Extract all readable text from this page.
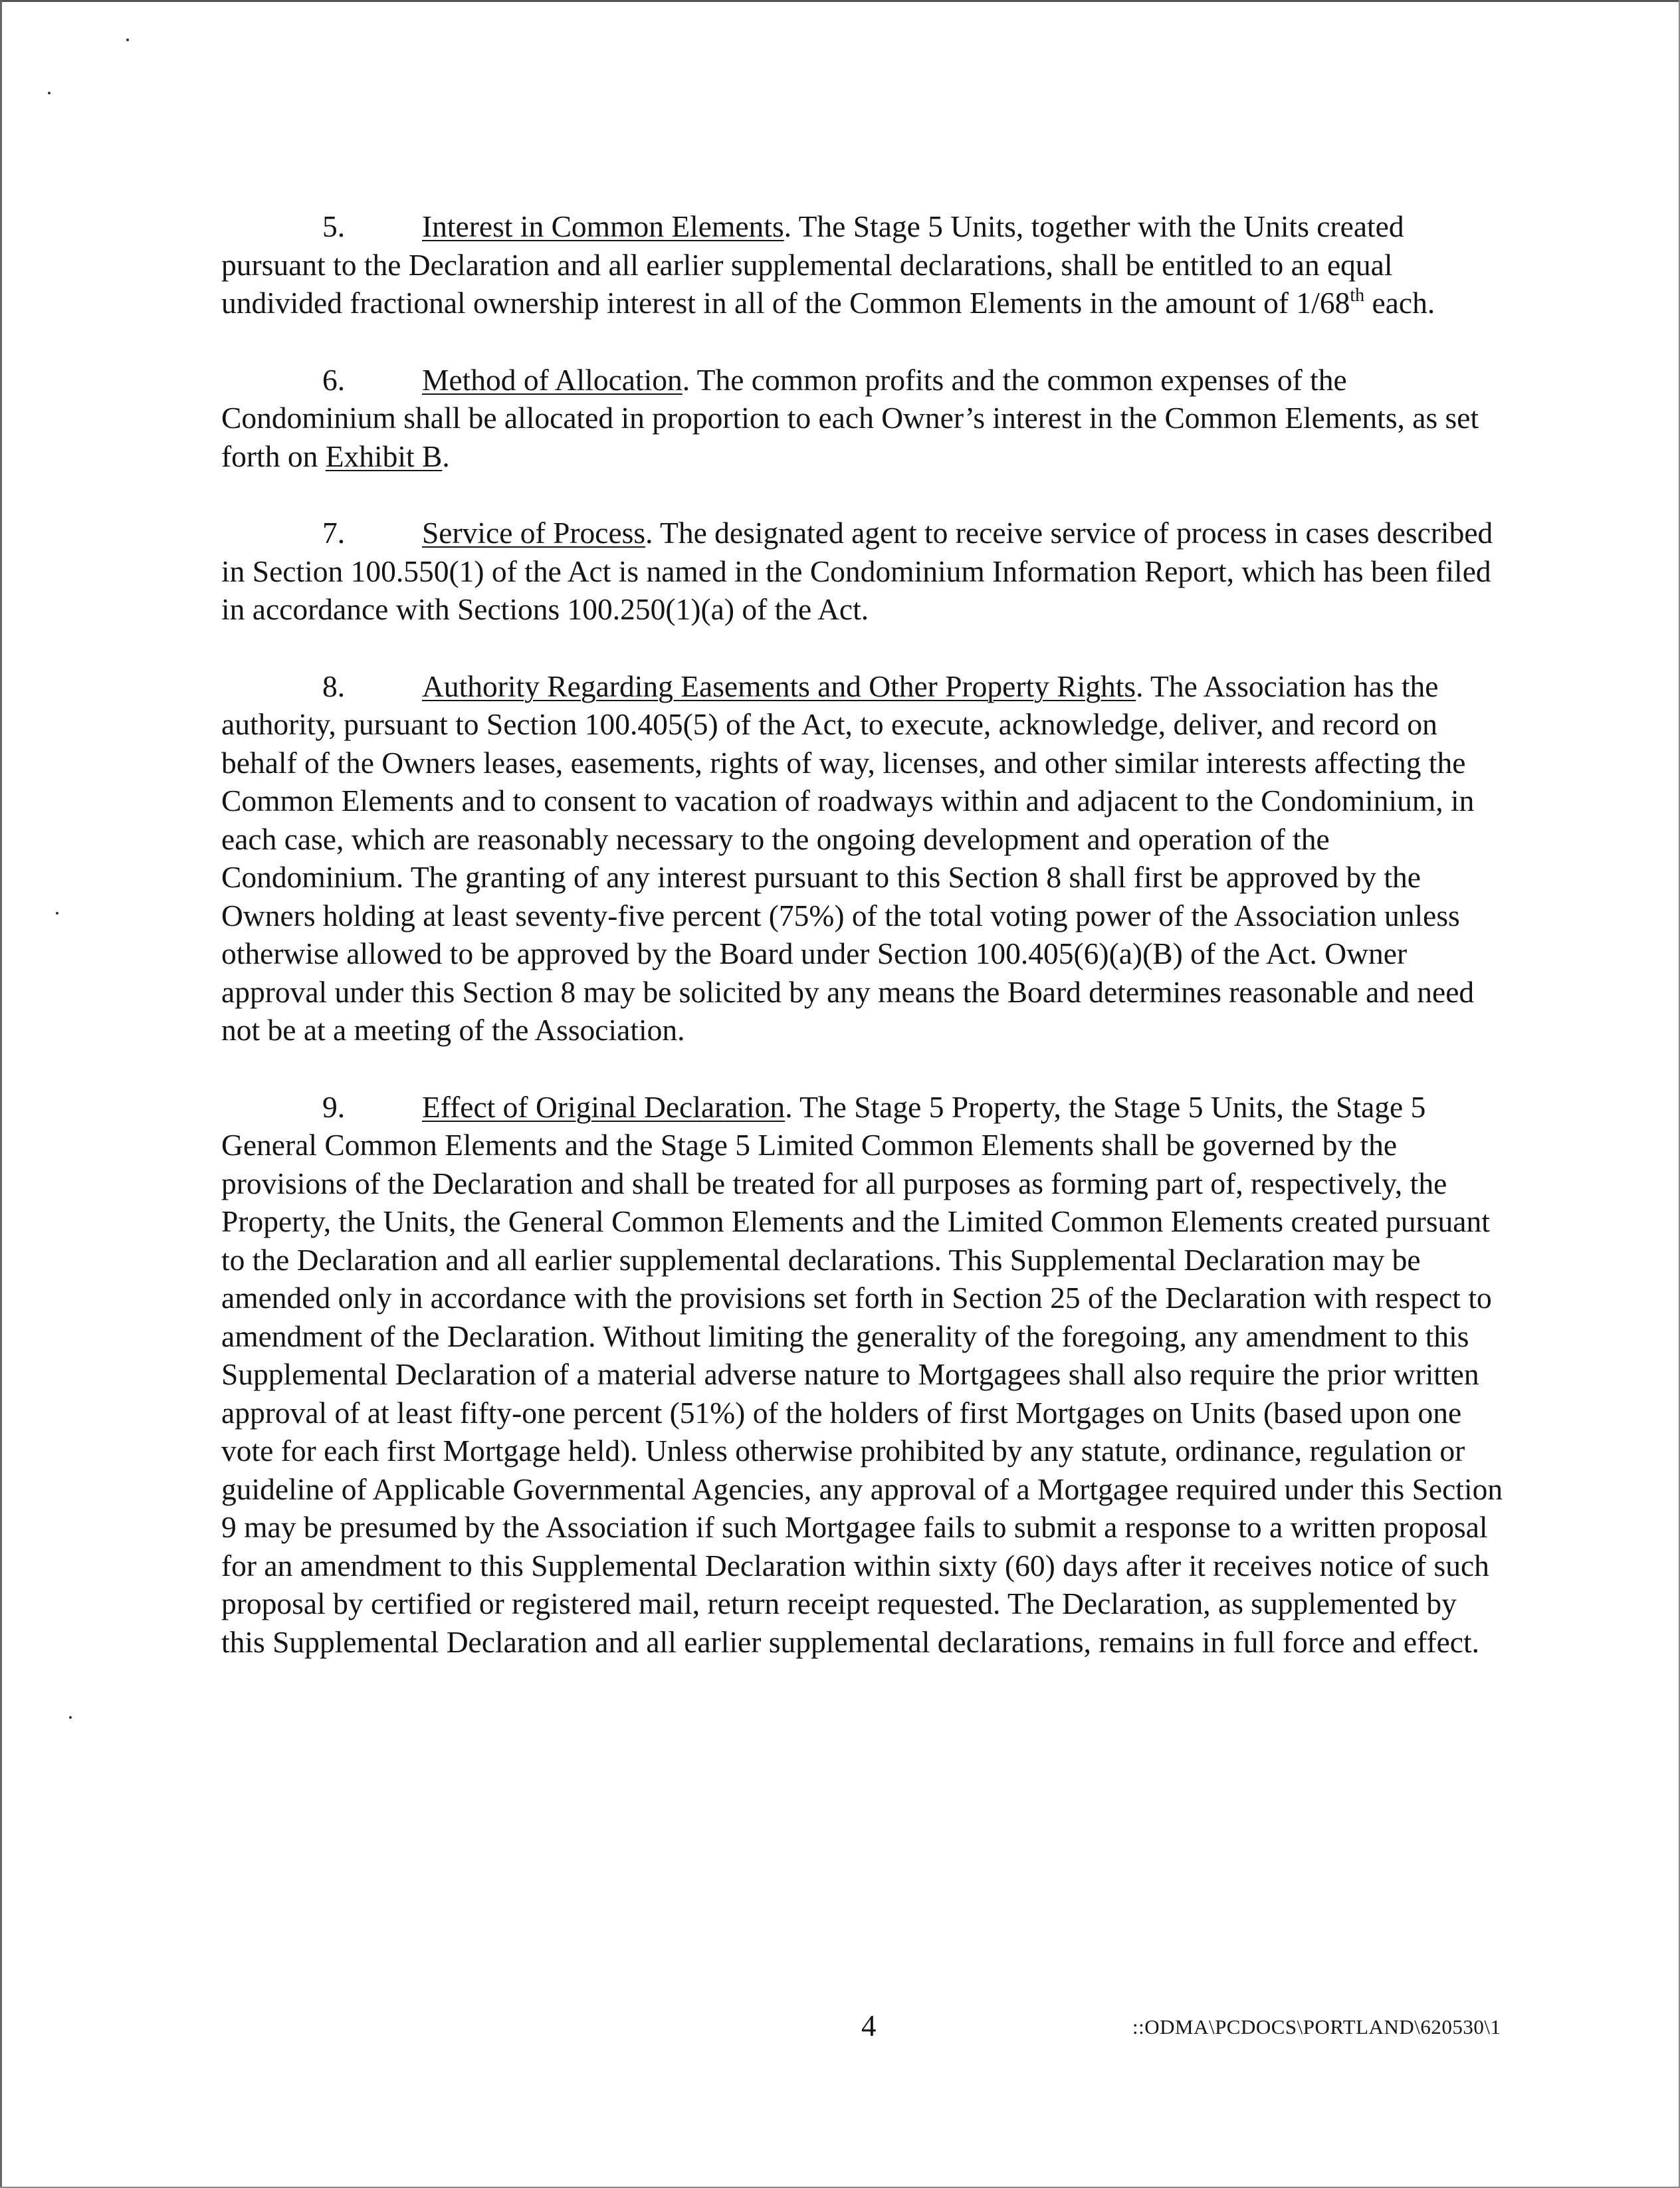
5.	Interest in Common Elements. The Stage 5 Units, together with the Units created pursuant to the Declaration and all earlier supplemental declarations, shall be entitled to an equal undivided fractional ownership interest in all of the Common Elements in the amount of 1/68th each.

6.	Method of Allocation. The common profits and the common expenses of the Condominium shall be allocated in proportion to each Owner’s interest in the Common Elements, as set forth on Exhibit B.

7.	Service of Process. The designated agent to receive service of process in cases described in Section 100.550(1) of the Act is named in the Condominium Information Report, which has been filed in accordance with Sections 100.250(1)(a) of the Act.

8.	Authority Regarding Easements and Other Property Rights. The Association has the authority, pursuant to Section 100.405(5) of the Act, to execute, acknowledge, deliver, and record on behalf of the Owners leases, easements, rights of way, licenses, and other similar interests affecting the Common Elements and to consent to vacation of roadways within and adjacent to the Condominium, in each case, which are reasonably necessary to the ongoing development and operation of the Condominium. The granting of any interest pursuant to this Section 8 shall first be approved by the Owners holding at least seventy-five percent (75%) of the total voting power of the Association unless otherwise allowed to be approved by the Board under Section 100.405(6)(a)(B) of the Act. Owner approval under this Section 8 may be solicited by any means the Board determines reasonable and need not be at a meeting of the Association.

9.	Effect of Original Declaration. The Stage 5 Property, the Stage 5 Units, the Stage 5 General Common Elements and the Stage 5 Limited Common Elements shall be governed by the provisions of the Declaration and shall be treated for all purposes as forming part of, respectively, the Property, the Units, the General Common Elements and the Limited Common Elements created pursuant to the Declaration and all earlier supplemental declarations. This Supplemental Declaration may be amended only in accordance with the provisions set forth in Section 25 of the Declaration with respect to amendment of the Declaration. Without limiting the generality of the foregoing, any amendment to this Supplemental Declaration of a material adverse nature to Mortgagees shall also require the prior written approval of at least fifty-one percent (51%) of the holders of first Mortgages on Units (based upon one vote for each first Mortgage held). Unless otherwise prohibited by any statute, ordinance, regulation or guideline of Applicable Governmental Agencies, any approval of a Mortgagee required under this Section 9 may be presumed by the Association if such Mortgagee fails to submit a response to a written proposal for an amendment to this Supplemental Declaration within sixty (60) days after it receives notice of such proposal by certified or registered mail, return receipt requested. The Declaration, as supplemented by this Supplemental Declaration and all earlier supplemental declarations, remains in full force and effect.

4	::ODMA\PCDOCS\PORTLAND\620530\1
